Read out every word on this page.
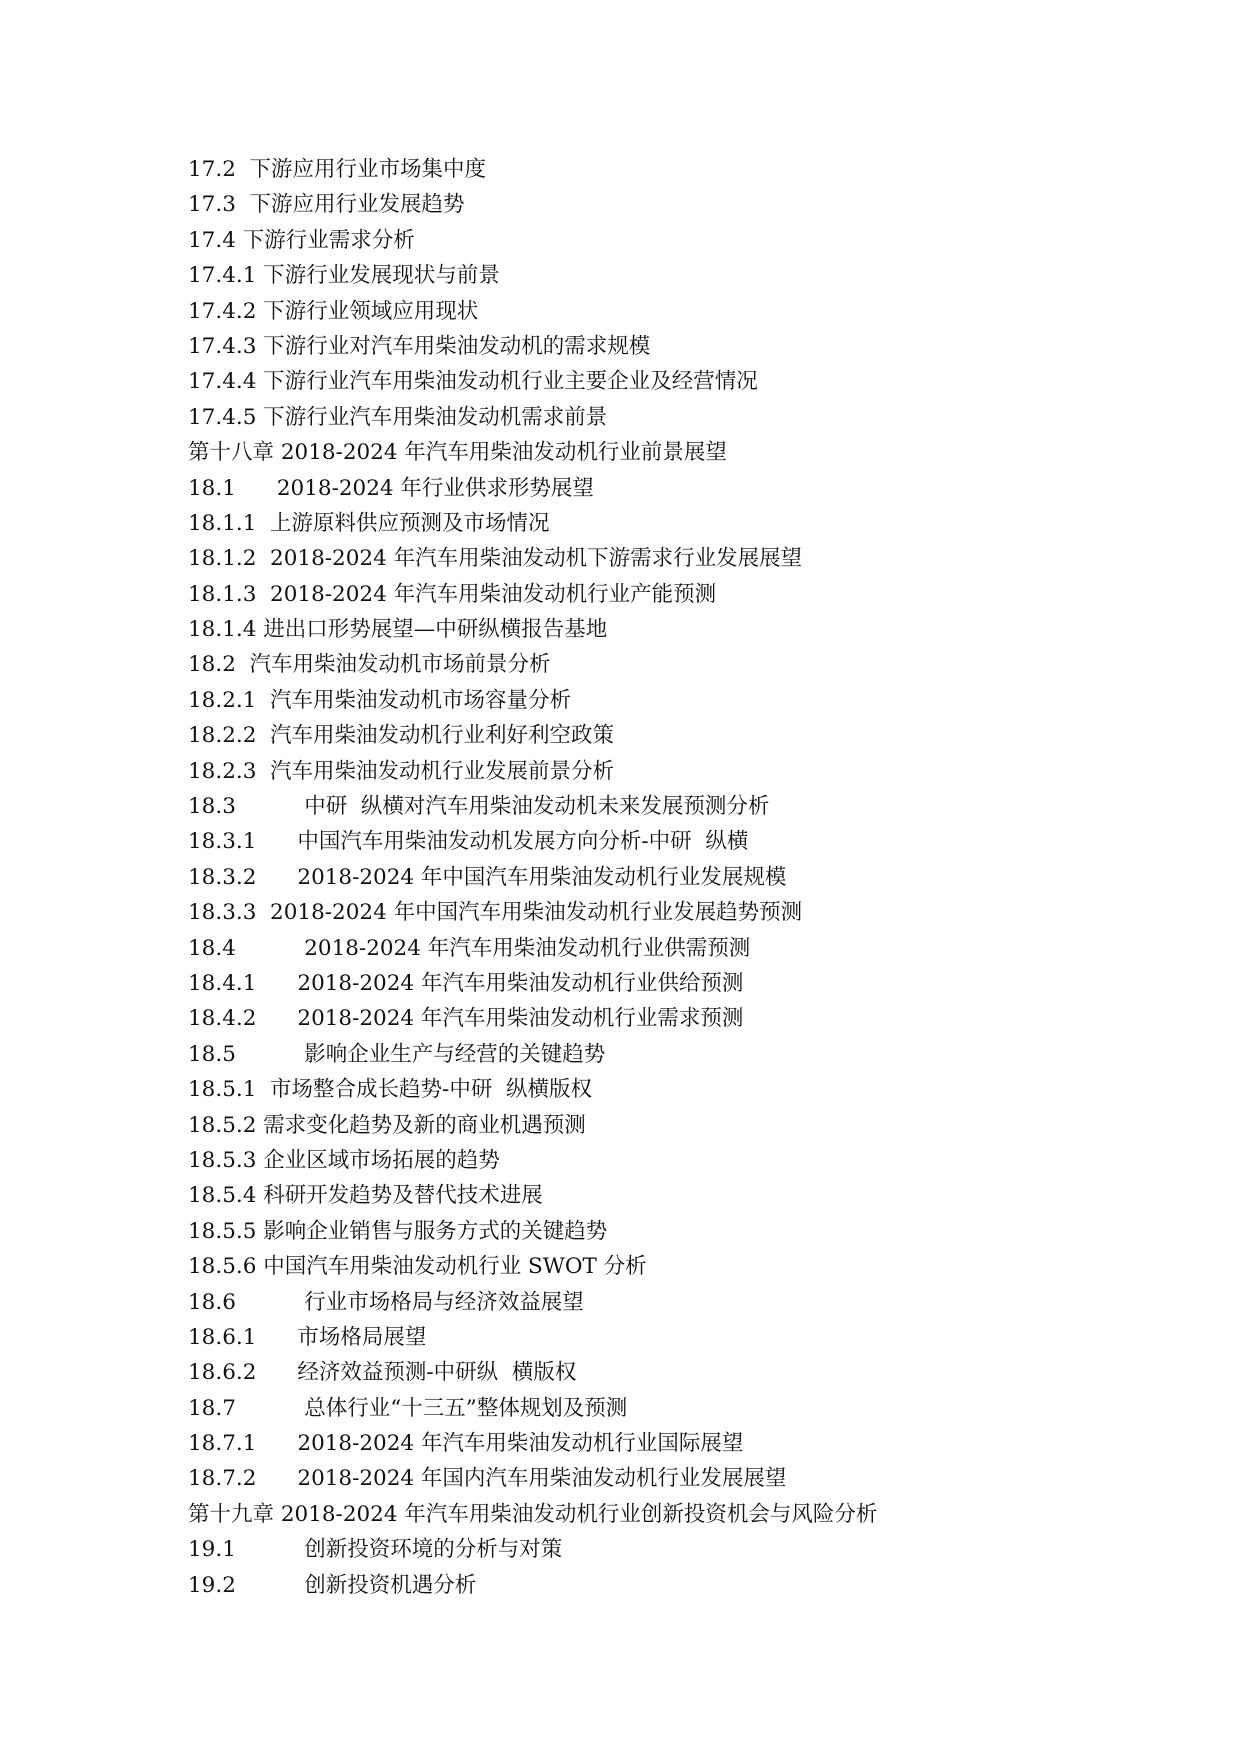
17.2  下游应用行业市场集中度
17.3  下游应用行业发展趋势
17.4 下游行业需求分析
17.4.1 下游行业发展现状与前景
17.4.2 下游行业领域应用现状
17.4.3 下游行业对汽车用柴油发动机的需求规模
17.4.4 下游行业汽车用柴油发动机行业主要企业及经营情况
17.4.5 下游行业汽车用柴油发动机需求前景
第十八章 2018-2024 年汽车用柴油发动机行业前景展望
18.1      2018-2024 年行业供求形势展望
18.1.1  上游原料供应预测及市场情况
18.1.2  2018-2024 年汽车用柴油发动机下游需求行业发展展望
18.1.3  2018-2024 年汽车用柴油发动机行业产能预测
18.1.4 进出口形势展望—中研纵横报告基地
18.2  汽车用柴油发动机市场前景分析
18.2.1  汽车用柴油发动机市场容量分析
18.2.2  汽车用柴油发动机行业利好利空政策
18.2.3  汽车用柴油发动机行业发展前景分析
18.3          中研  纵横对汽车用柴油发动机未来发展预测分析
18.3.1      中国汽车用柴油发动机发展方向分析-中研  纵横
18.3.2      2018-2024 年中国汽车用柴油发动机行业发展规模
18.3.3  2018-2024 年中国汽车用柴油发动机行业发展趋势预测
18.4          2018-2024 年汽车用柴油发动机行业供需预测
18.4.1      2018-2024 年汽车用柴油发动机行业供给预测
18.4.2      2018-2024 年汽车用柴油发动机行业需求预测
18.5          影响企业生产与经营的关键趋势
18.5.1  市场整合成长趋势-中研  纵横版权
18.5.2 需求变化趋势及新的商业机遇预测
18.5.3 企业区域市场拓展的趋势
18.5.4 科研开发趋势及替代技术进展
18.5.5 影响企业销售与服务方式的关键趋势
18.5.6 中国汽车用柴油发动机行业 SWOT 分析
18.6          行业市场格局与经济效益展望
18.6.1      市场格局展望
18.6.2      经济效益预测-中研纵  横版权
18.7          总体行业“十三五”整体规划及预测
18.7.1      2018-2024 年汽车用柴油发动机行业国际展望
18.7.2      2018-2024 年国内汽车用柴油发动机行业发展展望
第十九章 2018-2024 年汽车用柴油发动机行业创新投资机会与风险分析
19.1          创新投资环境的分析与对策
19.2          创新投资机遇分析
